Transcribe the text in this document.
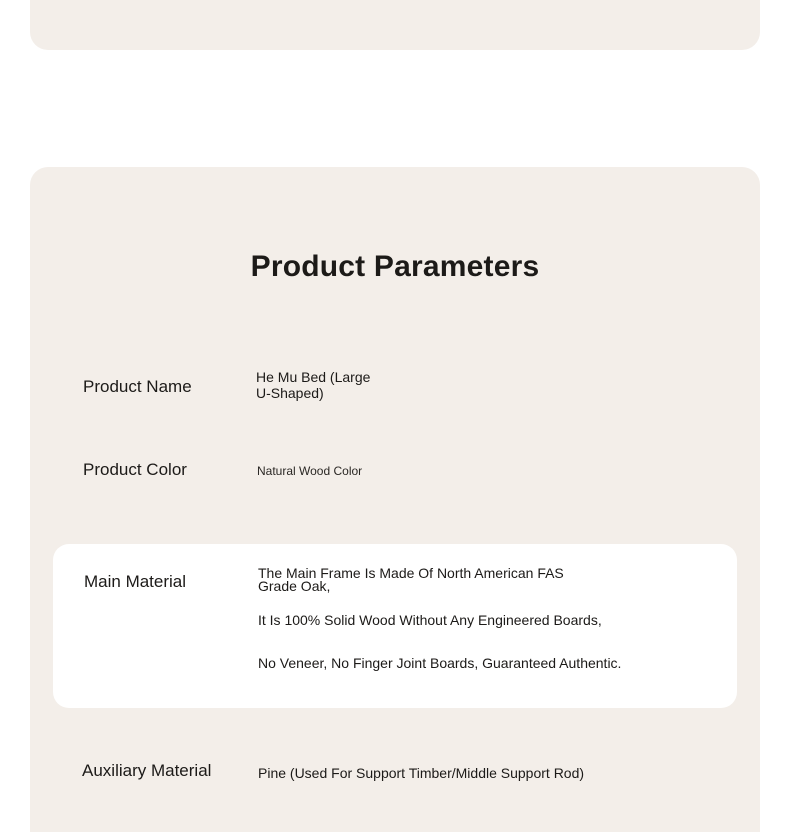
Product Parameters
Product Name	He Mu Bed (Large
U-Shaped)
Product Color	Natural Wood Color
Main Material	The Main Frame Is Made Of North American FAS
Grade Oak,
It Is 100% Solid Wood Without Any Engineered Boards,
No Veneer, No Finger Joint Boards, Guaranteed Authentic.
Auxiliary Material	Pine (Used For Support Timber/Middle Support Rod)
